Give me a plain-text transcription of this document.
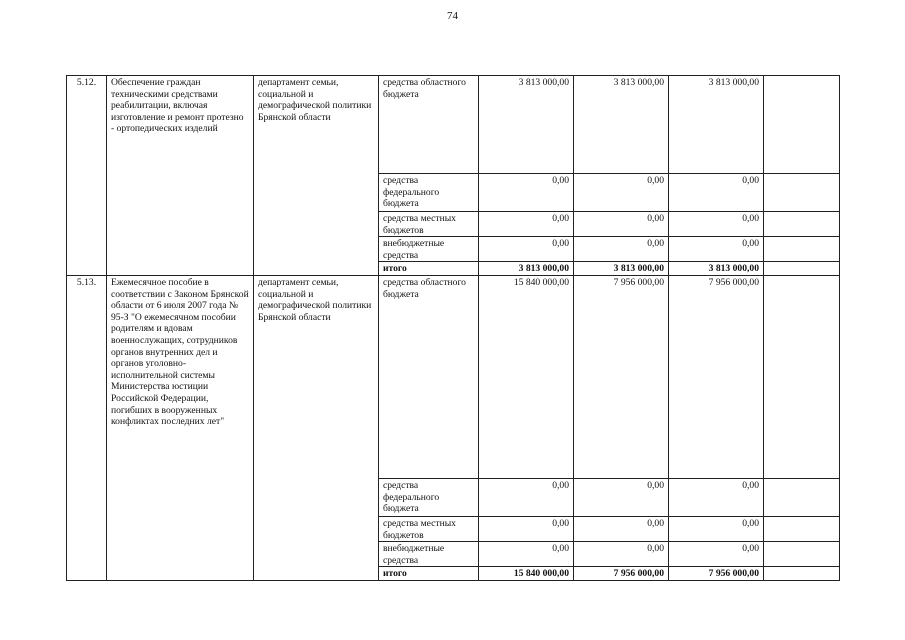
74
5.12.	Обеспечение граждан техническими средствами реабилитации, включая изготовление и ремонт протезно - ортопедических изделий	департамент семьи, социальной и демографической политики Брянской области	средства областного бюджета	3 813 000,00	3 813 000,00	3 813 000,00	
			средства федерального бюджета	0,00	0,00	0,00	
			средства местных бюджетов	0,00	0,00	0,00	
			внебюджетные средства	0,00	0,00	0,00	
			итого	3 813 000,00	3 813 000,00	3 813 000,00	
5.13.	Ежемесячное пособие в соответствии с Законом Брянской области от 6 июля 2007 года № 95-З "О ежемесячном пособии родителям и вдовам военнослужащих, сотрудников органов внутренних дел и органов уголовно-исполнительной системы Министерства юстиции Российской Федерации, погибших в вооруженных конфликтах последних лет"	департамент семьи, социальной и демографической политики Брянской области	средства областного бюджета	15 840 000,00	7 956 000,00	7 956 000,00	
			средства федерального бюджета	0,00	0,00	0,00	
			средства местных бюджетов	0,00	0,00	0,00	
			внебюджетные средства	0,00	0,00	0,00	
			итого	15 840 000,00	7 956 000,00	7 956 000,00	
